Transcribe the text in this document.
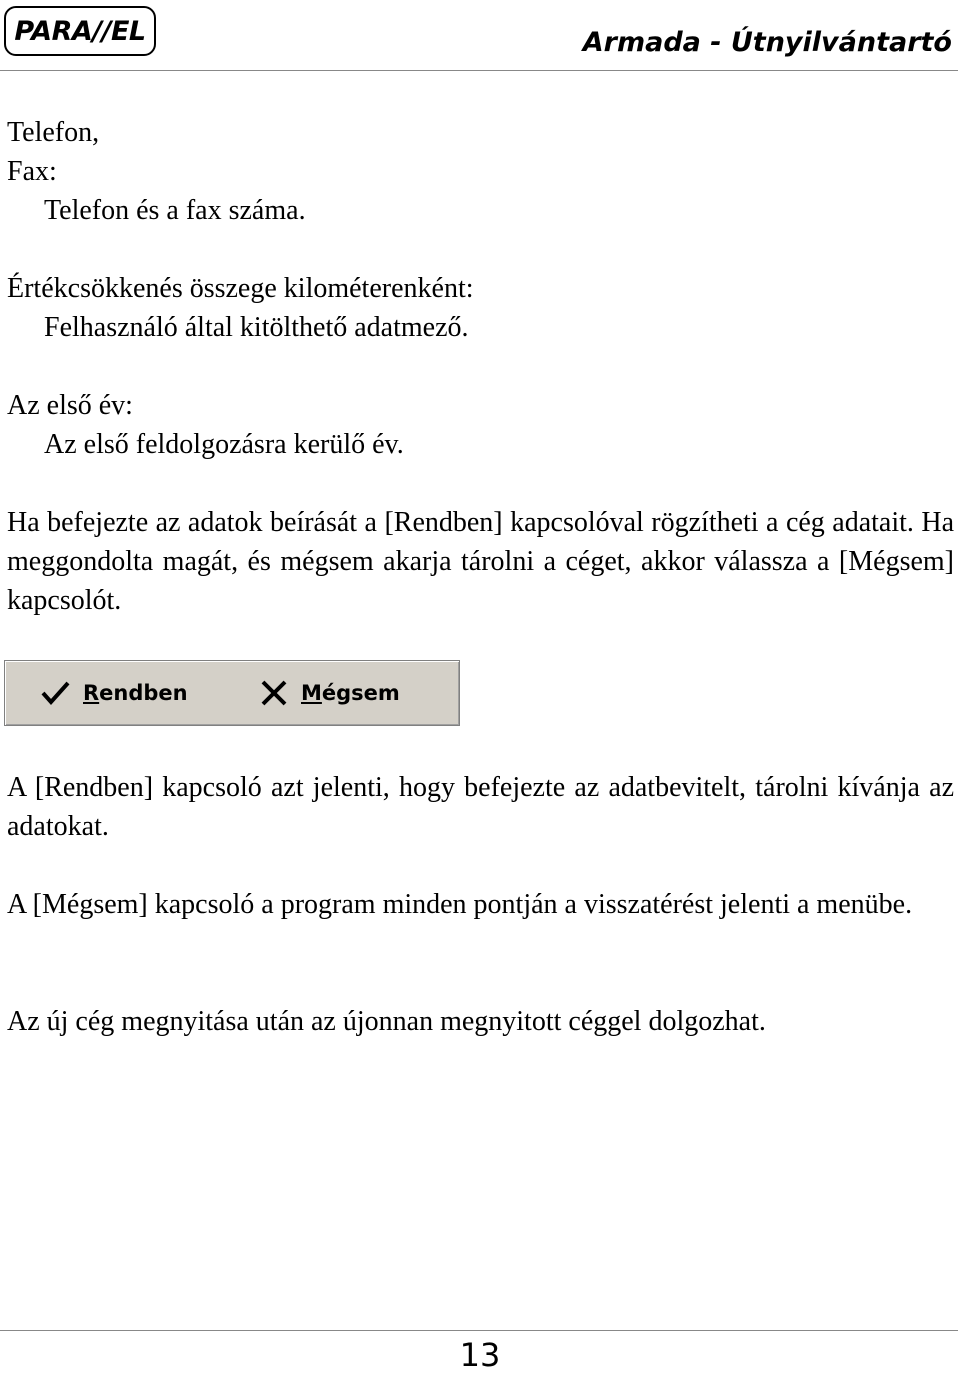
PARA//EL	Armada - Útnyilvántartó
Telefon,
Fax:
Telefon és a fax száma.
Értékcsökkenés összege kilométerenként:
Felhasználó által kitölthető adatmező.
Az első év:
Az első feldolgozásra kerülő év.
Ha befejezte az adatok beírását a [Rendben] kapcsolóval rögzítheti a cég adatait. Ha meggondolta magát, és mégsem akarja tárolni a céget, akkor válassza a [Mégsem] kapcsolót.
Rendben	Mégsem
A [Rendben] kapcsoló azt jelenti, hogy befejezte az adatbevitelt, tárolni kívánja az adatokat.
A [Mégsem] kapcsoló a program minden pontján a visszatérést jelenti a menübe.
Az új cég megnyitása után az újonnan megnyitott céggel dolgozhat.
13
